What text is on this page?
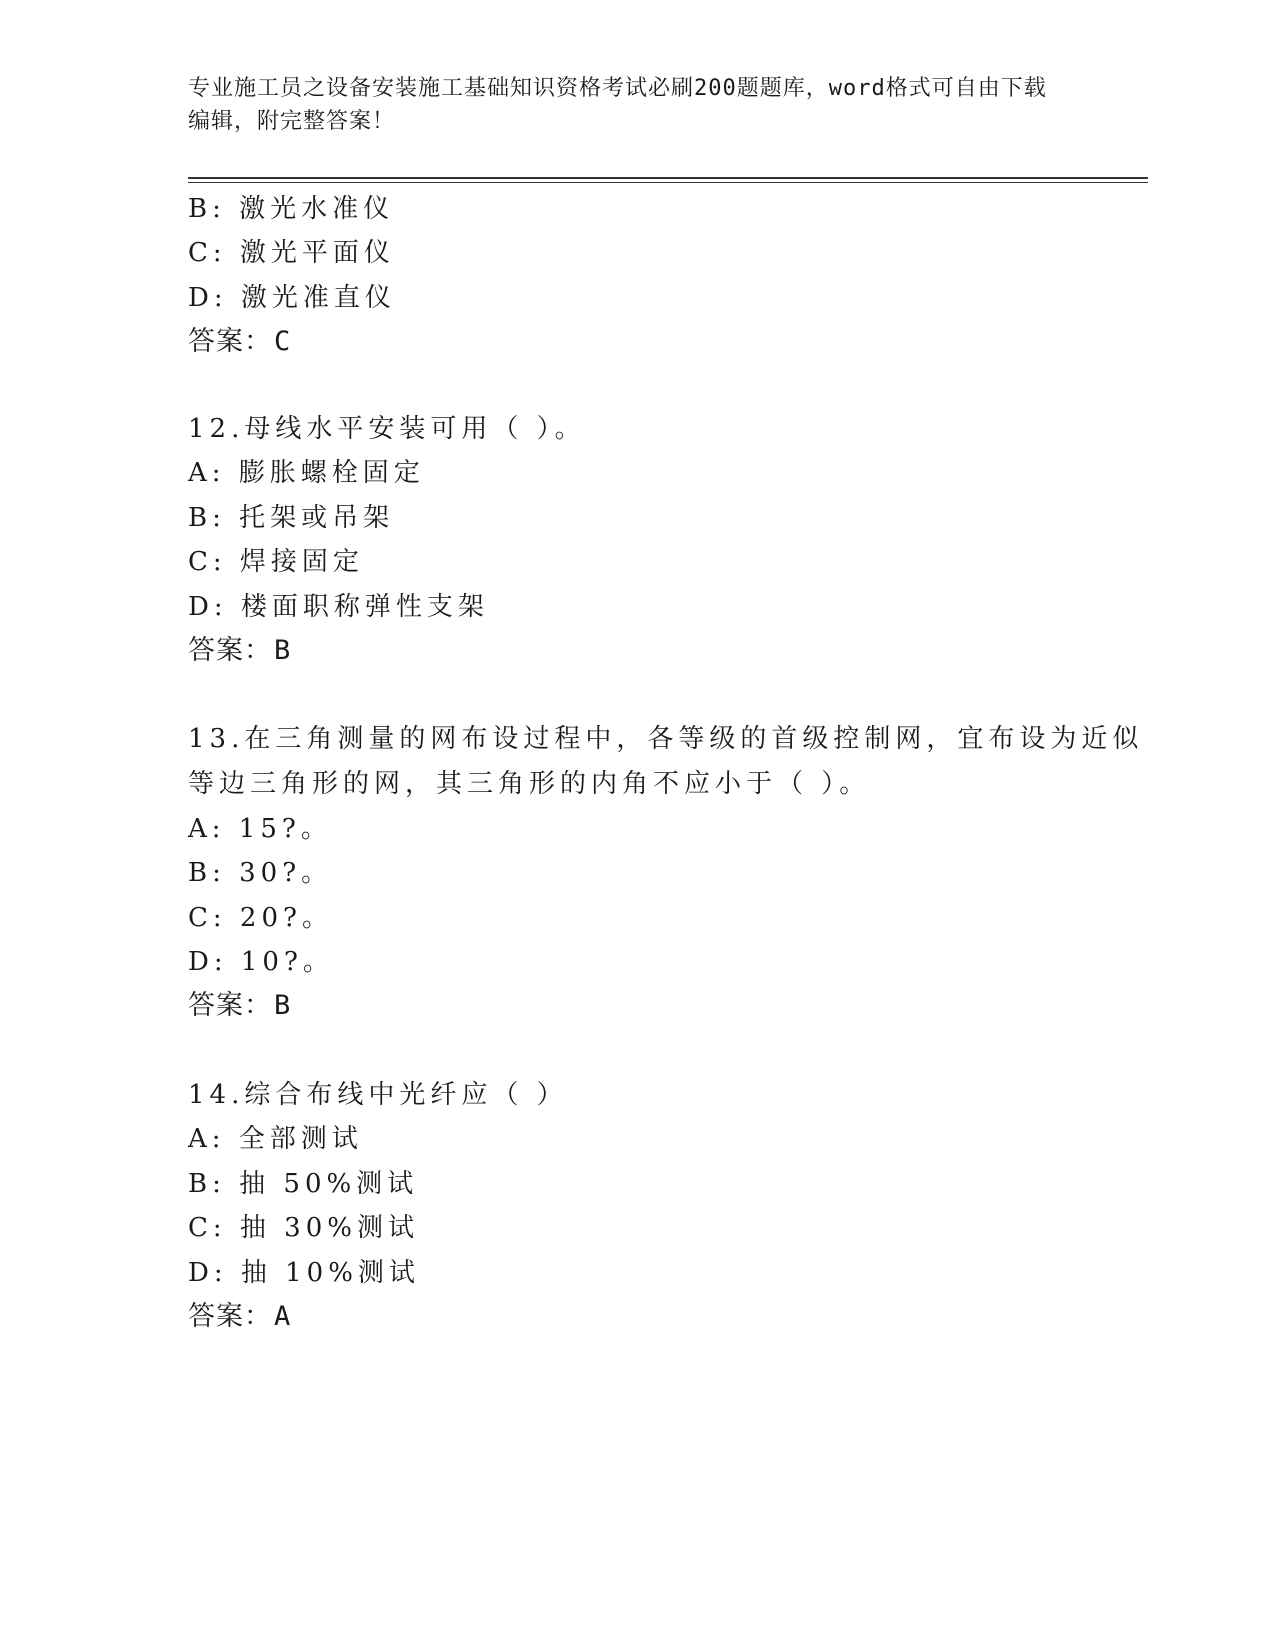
专业施工员之设备安装施工基础知识资格考试必刷200题题库，word格式可自由下载编辑，附完整答案！
B: 激光水准仪
C: 激光平面仪
D: 激光准直仪
答案：C
12.母线水平安装可用（ ）。
A: 膨胀螺栓固定
B: 托架或吊架
C: 焊接固定
D: 楼面职称弹性支架
答案：B
13.在三角测量的网布设过程中，各等级的首级控制网，宜布设为近似
等边三角形的网，其三角形的内角不应小于（ ）。
A: 15?。
B: 30?。
C: 20?。
D: 10?。
答案：B
14.综合布线中光纤应（ ）
A: 全部测试
B: 抽 50%测试
C: 抽 30%测试
D: 抽 10%测试
答案：A
